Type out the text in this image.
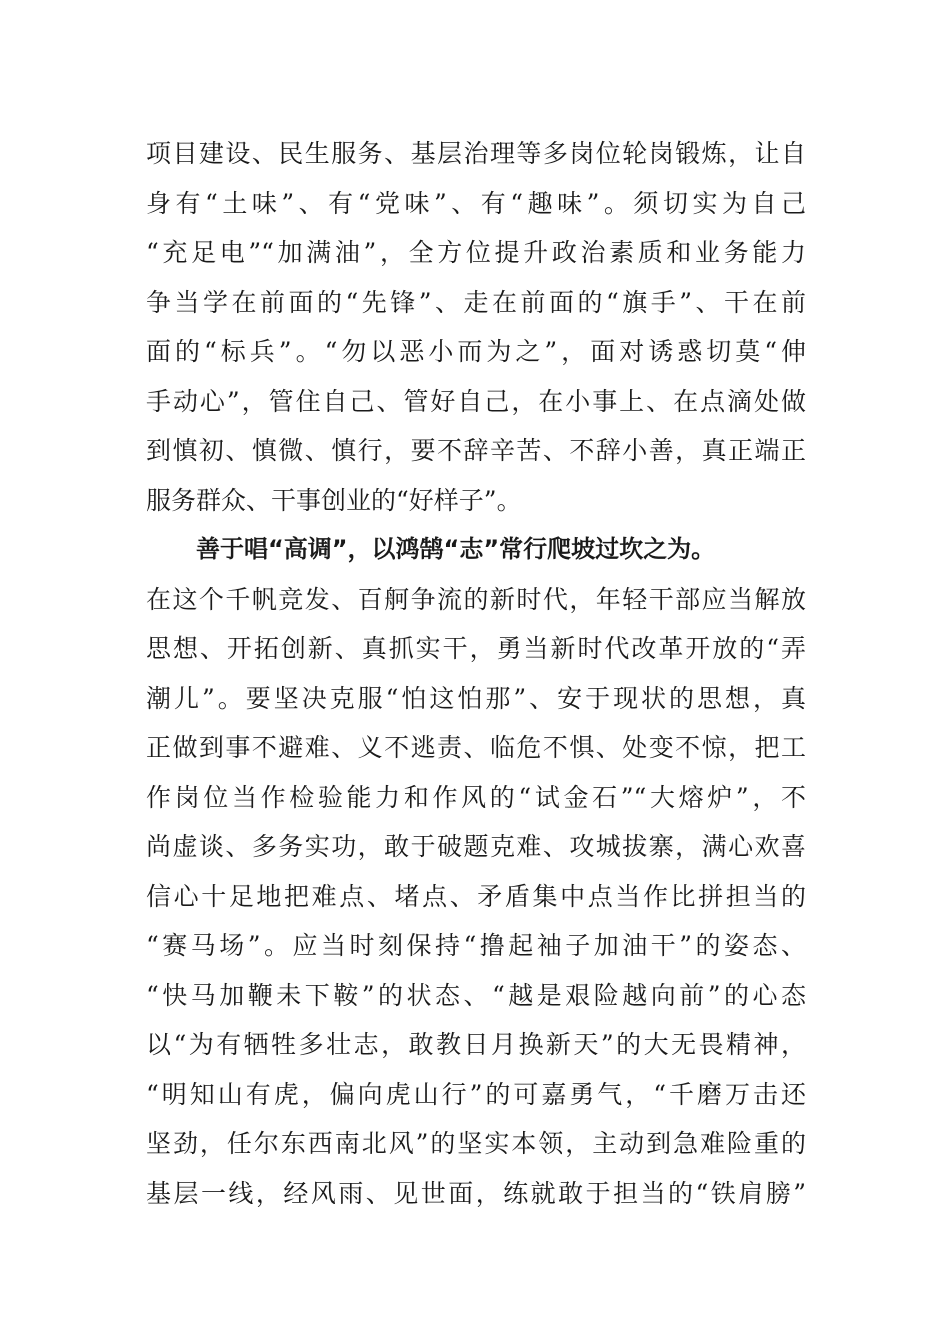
项目建设、民生服务、基层治理等多岗位轮岗锻炼，让自
身有“土味”、有“党味”、有“趣味”。须切实为自己
“充足电”“加满油”，全方位提升政治素质和业务能力
争当学在前面的“先锋”、走在前面的“旗手”、干在前
面的“标兵”。“勿以恶小而为之”，面对诱惑切莫“伸
手动心”，管住自己、管好自己，在小事上、在点滴处做
到慎初、慎微、慎行，要不辞辛苦、不辞小善，真正端正
服务群众、干事创业的“好样子”。
善于唱“高调”，以鸿鹄“志”常行爬坡过坎之为。
在这个千帆竞发、百舸争流的新时代，年轻干部应当解放
思想、开拓创新、真抓实干，勇当新时代改革开放的“弄
潮儿”。要坚决克服“怕这怕那”、安于现状的思想，真
正做到事不避难、义不逃责、临危不惧、处变不惊，把工
作岗位当作检验能力和作风的“试金石”“大熔炉”，不
尚虚谈、多务实功，敢于破题克难、攻城拔寨，满心欢喜
信心十足地把难点、堵点、矛盾集中点当作比拼担当的
“赛马场”。应当时刻保持“撸起袖子加油干”的姿态、
“快马加鞭未下鞍”的状态、“越是艰险越向前”的心态
以“为有牺牲多壮志，敢教日月换新天”的大无畏精神，
“明知山有虎，偏向虎山行”的可嘉勇气，“千磨万击还
坚劲，任尔东西南北风”的坚实本领，主动到急难险重的
基层一线，经风雨、见世面，练就敢于担当的“铁肩膀”
